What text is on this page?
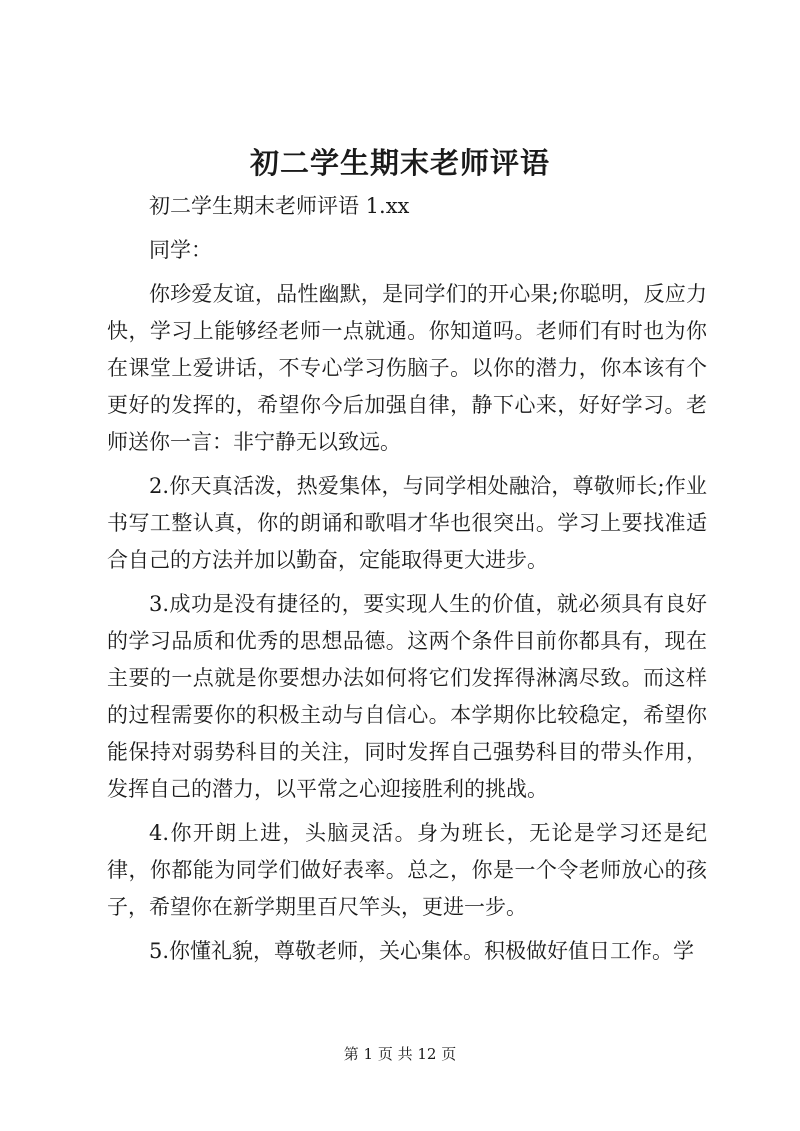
初二学生期末老师评语

初二学生期末老师评语 1.xx

同学：

你珍爱友谊，品性幽默，是同学们的开心果;你聪明，反应力快，学习上能够经老师一点就通。你知道吗。老师们有时也为你在课堂上爱讲话，不专心学习伤脑子。以你的潜力，你本该有个更好的发挥的，希望你今后加强自律，静下心来，好好学习。老师送你一言：非宁静无以致远。

2.你天真活泼，热爱集体，与同学相处融洽，尊敬师长;作业书写工整认真，你的朗诵和歌唱才华也很突出。学习上要找准适合自己的方法并加以勤奋，定能取得更大进步。

3.成功是没有捷径的，要实现人生的价值，就必须具有良好的学习品质和优秀的思想品德。这两个条件目前你都具有，现在主要的一点就是你要想办法如何将它们发挥得淋漓尽致。而这样的过程需要你的积极主动与自信心。本学期你比较稳定，希望你能保持对弱势科目的关注，同时发挥自己强势科目的带头作用，发挥自己的潜力，以平常之心迎接胜利的挑战。

4.你开朗上进，头脑灵活。身为班长，无论是学习还是纪律，你都能为同学们做好表率。总之，你是一个令老师放心的孩子，希望你在新学期里百尺竿头，更进一步。

5.你懂礼貌，尊敬老师，关心集体。积极做好值日工作。学

第 1 页 共 12 页
